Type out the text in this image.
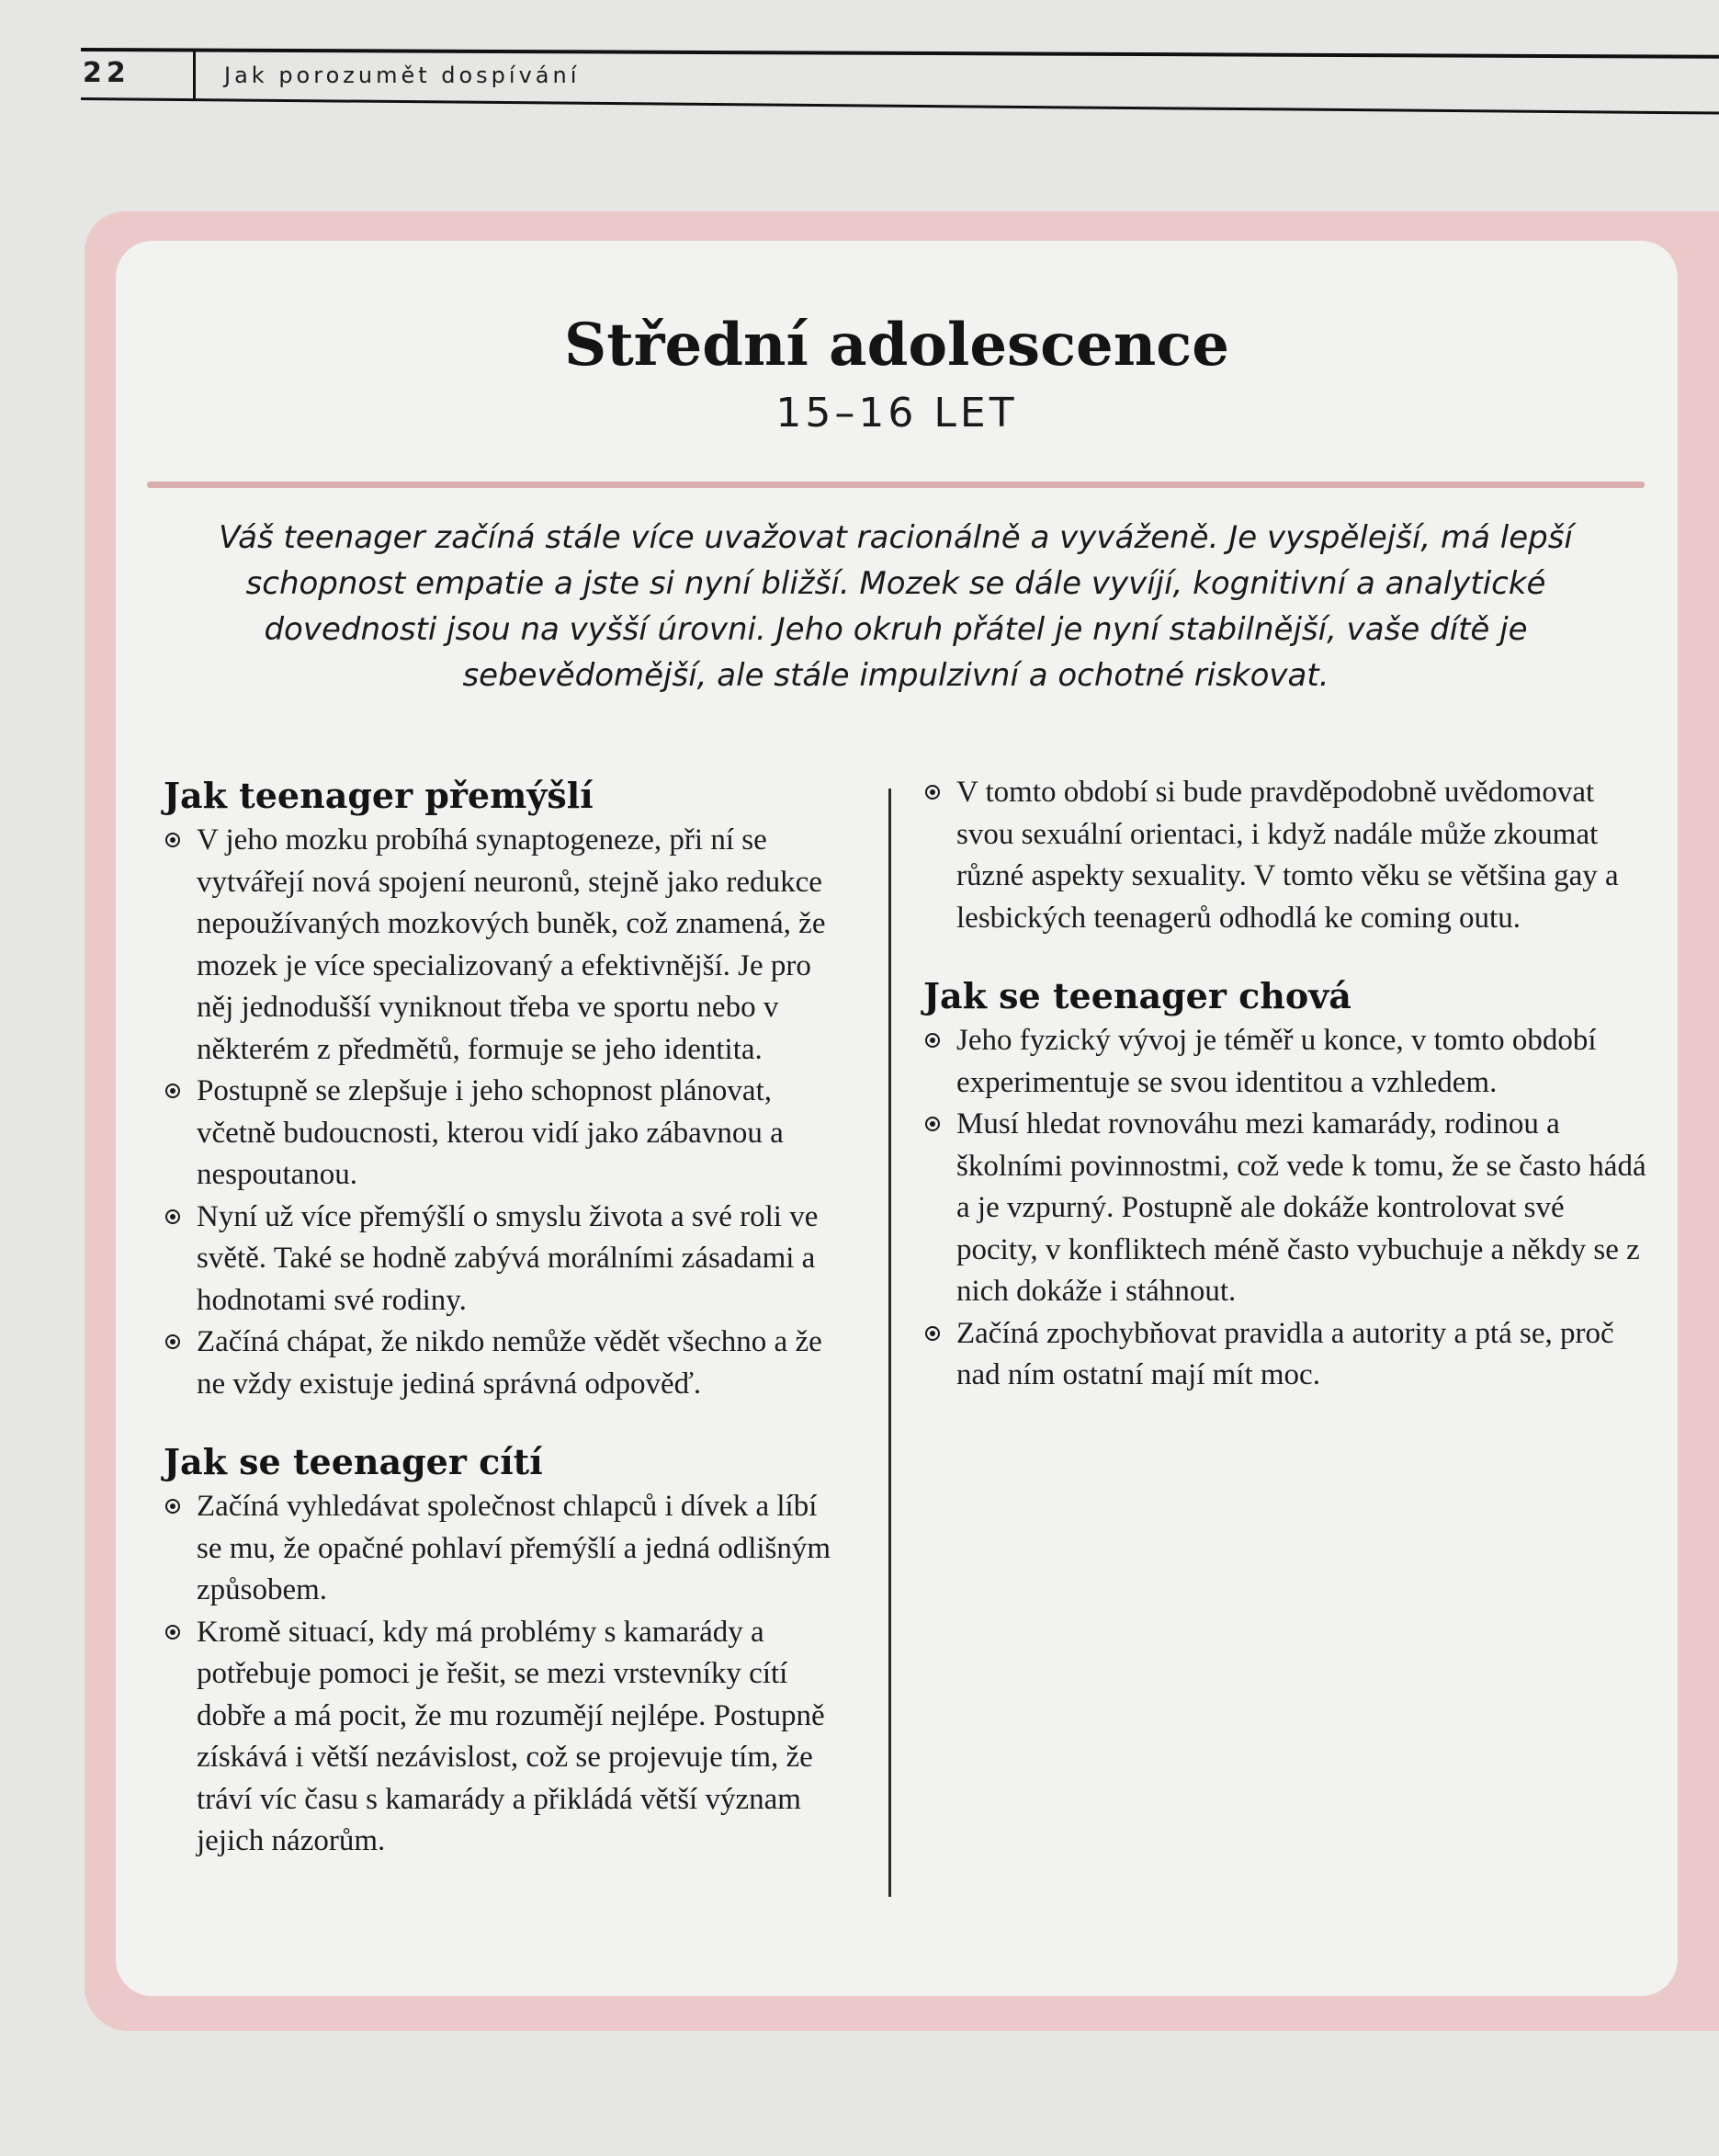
22	Jak porozumět dospívání
Střední adolescence
15–16 LET
Váš teenager začíná stále více uvažovat racionálně a vyváženě. Je vyspělejší, má lepší schopnost empatie a jste si nyní bližší. Mozek se dále vyvíjí, kognitivní a analytické dovednosti jsou na vyšší úrovni. Jeho okruh přátel je nyní stabilnější, vaše dítě je sebevědomější, ale stále impulzivní a ochotné riskovat.
Jak teenager přemýšlí
V jeho mozku probíhá synaptogeneze, při ní se vytvářejí nová spojení neuronů, stejně jako redukce nepoužívaných mozkových buněk, což znamená, že mozek je více specializovaný a efektivnější. Je pro něj jednodušší vyniknout třeba ve sportu nebo v některém z předmětů, formuje se jeho identita.
Postupně se zlepšuje i jeho schopnost plánovat, včetně budoucnosti, kterou vidí jako zábavnou a nespoutanou.
Nyní už více přemýšlí o smyslu života a své roli ve světě. Také se hodně zabývá morálními zásadami a hodnotami své rodiny.
Začíná chápat, že nikdo nemůže vědět všechno a že ne vždy existuje jediná správná odpověď.
Jak se teenager cítí
Začíná vyhledávat společnost chlapců i dívek a líbí se mu, že opačné pohlaví přemýšlí a jedná odlišným způsobem.
Kromě situací, kdy má problémy s kamarády a potřebuje pomoci je řešit, se mezi vrstevníky cítí dobře a má pocit, že mu rozumějí nejlépe. Postupně získává i větší nezávislost, což se projevuje tím, že tráví víc času s kamarády a přikládá větší význam jejich názorům.
V tomto období si bude pravděpodobně uvědomovat svou sexuální orientaci, i když nadále může zkoumat různé aspekty sexuality. V tomto věku se většina gay a lesbických teenagerů odhodlá ke coming outu.
Jak se teenager chová
Jeho fyzický vývoj je téměř u konce, v tomto období experimentuje se svou identitou a vzhledem.
Musí hledat rovnováhu mezi kamarády, rodinou a školními povinnostmi, což vede k tomu, že se často hádá a je vzpurný. Postupně ale dokáže kontrolovat své pocity, v konfliktech méně často vybuchuje a někdy se z nich dokáže i stáhnout.
Začíná zpochybňovat pravidla a autority a ptá se, proč nad ním ostatní mají mít moc.
